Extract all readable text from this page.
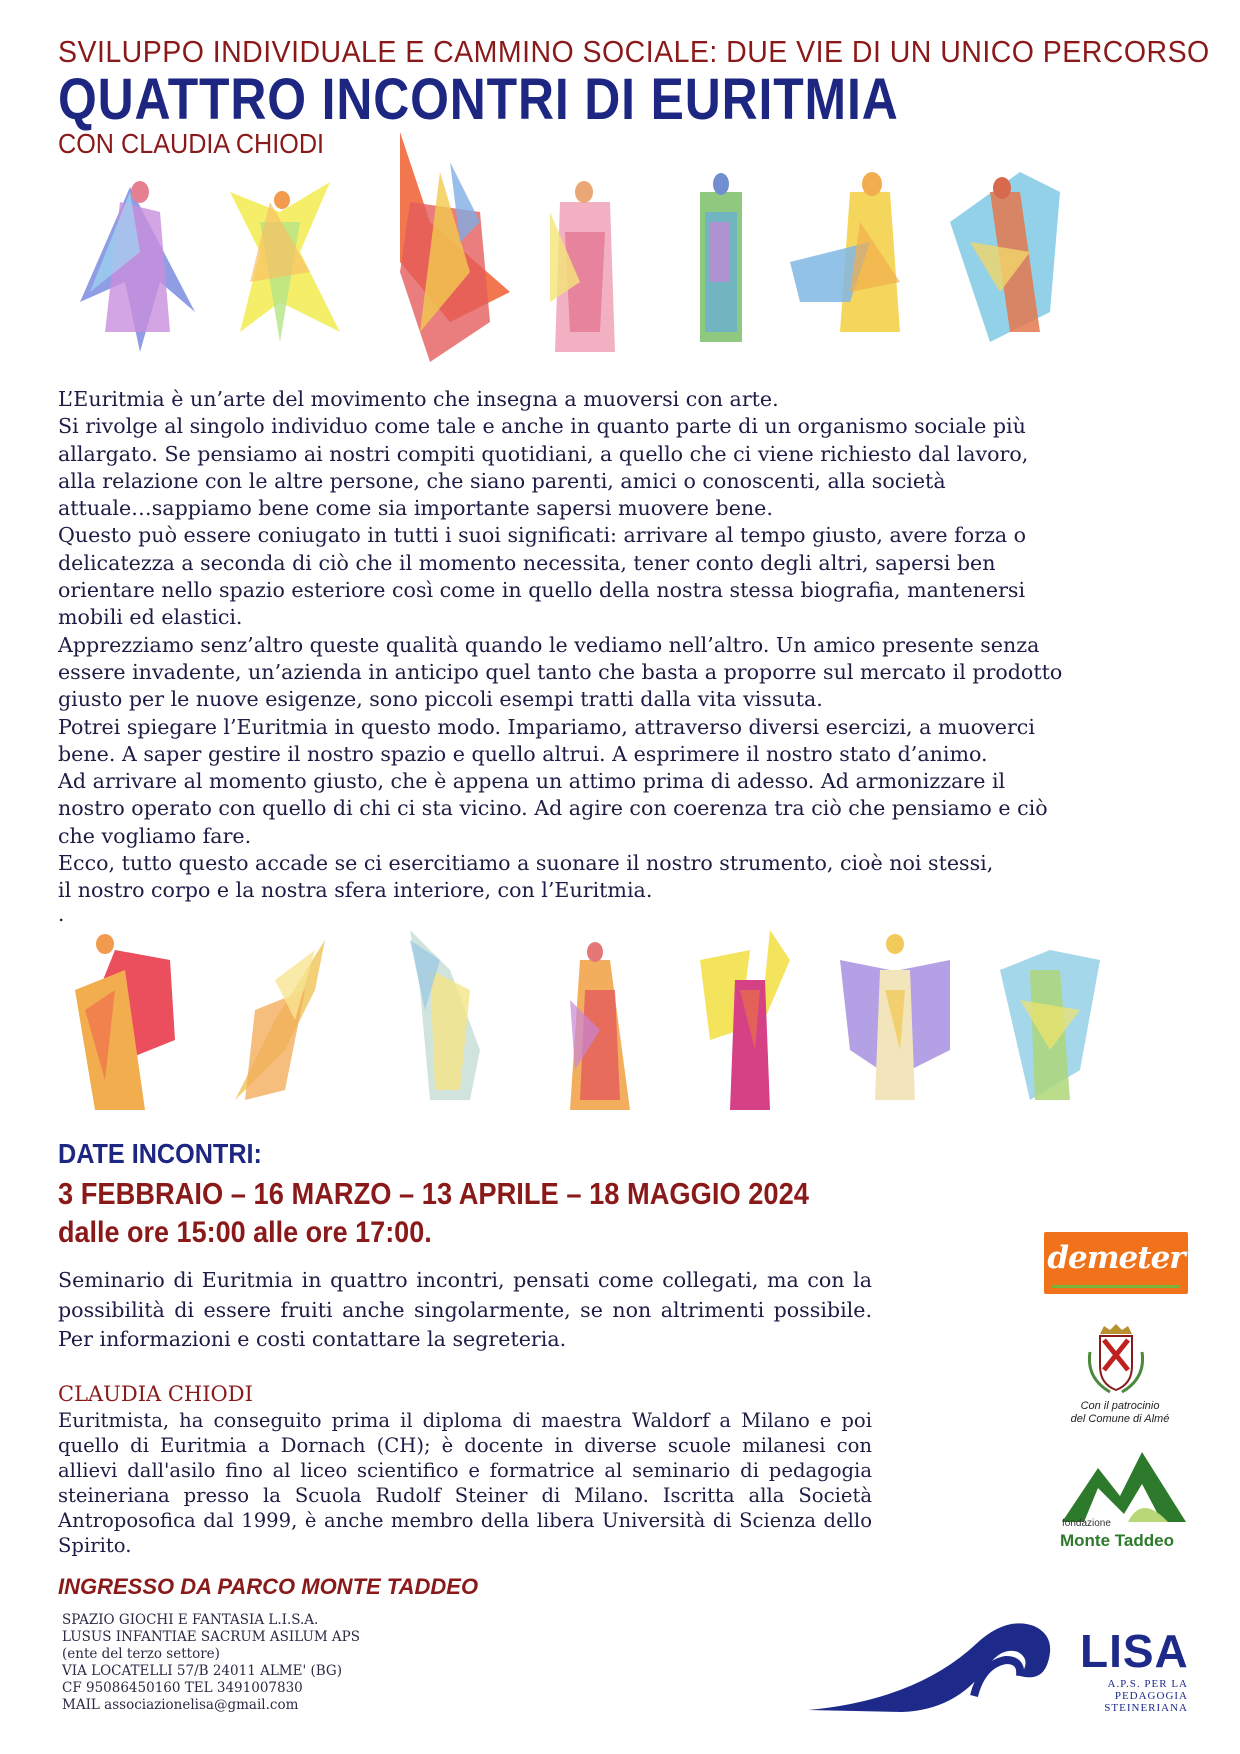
SVILUPPO INDIVIDUALE E CAMMINO SOCIALE: DUE VIE DI UN UNICO PERCORSO
QUATTRO INCONTRI DI EURITMIA
CON CLAUDIA CHIODI

L’Euritmia è un’arte del movimento che insegna a muoversi con arte.

Si rivolge al singolo individuo come tale e anche in quanto parte di un organismo sociale più

allargato. Se pensiamo ai nostri compiti quotidiani, a quello che ci viene richiesto dal lavoro,

alla relazione con le altre persone, che siano parenti, amici o conoscenti, alla società

attuale…sappiamo bene come sia importante sapersi muovere bene.

Questo può essere coniugato in tutti i suoi significati: arrivare al tempo giusto, avere forza o

delicatezza a seconda di ciò che il momento necessita, tener conto degli altri, sapersi ben

orientare nello spazio esteriore così come in quello della nostra stessa biografia, mantenersi

mobili ed elastici.

Apprezziamo senz’altro queste qualità quando le vediamo nell’altro. Un amico presente senza

essere invadente, un’azienda in anticipo quel tanto che basta a proporre sul mercato il prodotto

giusto per le nuove esigenze, sono piccoli esempi tratti dalla vita vissuta.

Potrei spiegare l’Euritmia in questo modo. Impariamo, attraverso diversi esercizi, a muoverci

bene. A saper gestire il nostro spazio e quello altrui. A esprimere il nostro stato d’animo.

Ad arrivare al momento giusto, che è appena un attimo prima di adesso. Ad armonizzare il

nostro operato con quello di chi ci sta vicino. Ad agire con coerenza tra ciò che pensiamo e ciò

che vogliamo fare.

Ecco, tutto questo accade se ci esercitiamo a suonare il nostro strumento, cioè noi stessi,

il nostro corpo e la nostra sfera interiore, con l’Euritmia.

.
DATE INCONTRI:
3 FEBBRAIO – 16 MARZO – 13 APRILE – 18 MAGGIO 2024
dalle ore 15:00 alle ore 17:00.
Seminario di Euritmia in quattro incontri, pensati come collegati, ma con la possibilità di essere fruiti anche singolarmente, se non altrimenti possibile. Per informazioni e costi contattare la segreteria.
CLAUDIA CHIODI
Euritmista, ha conseguito prima il diploma di maestra Waldorf a Milano e poi quello di Euritmia a Dornach (CH); è docente in diverse scuole milanesi con allievi dall'asilo fino al liceo scientifico e formatrice al seminario di pedagogia steineriana presso la Scuola Rudolf Steiner di Milano. Iscritta alla Società Antroposofica dal 1999, è anche membro della libera Università di Scienza dello Spirito.
INGRESSO DA PARCO MONTE TADDEO

SPAZIO GIOCHI E FANTASIA L.I.S.A.

LUSUS INFANTIAE SACRUM ASILUM APS

(ente del terzo settore)

VIA LOCATELLI 57/B 24011 ALME' (BG)

CF 95086450160 TEL 3491007830

MAIL associazionelisa@gmail.com

demeter
Con il patrocinio
del Comune di Almé
fondazione
Monte Taddeo
LISA
A.P.S. PER LA
PEDAGOGIA
STEINERIANA
